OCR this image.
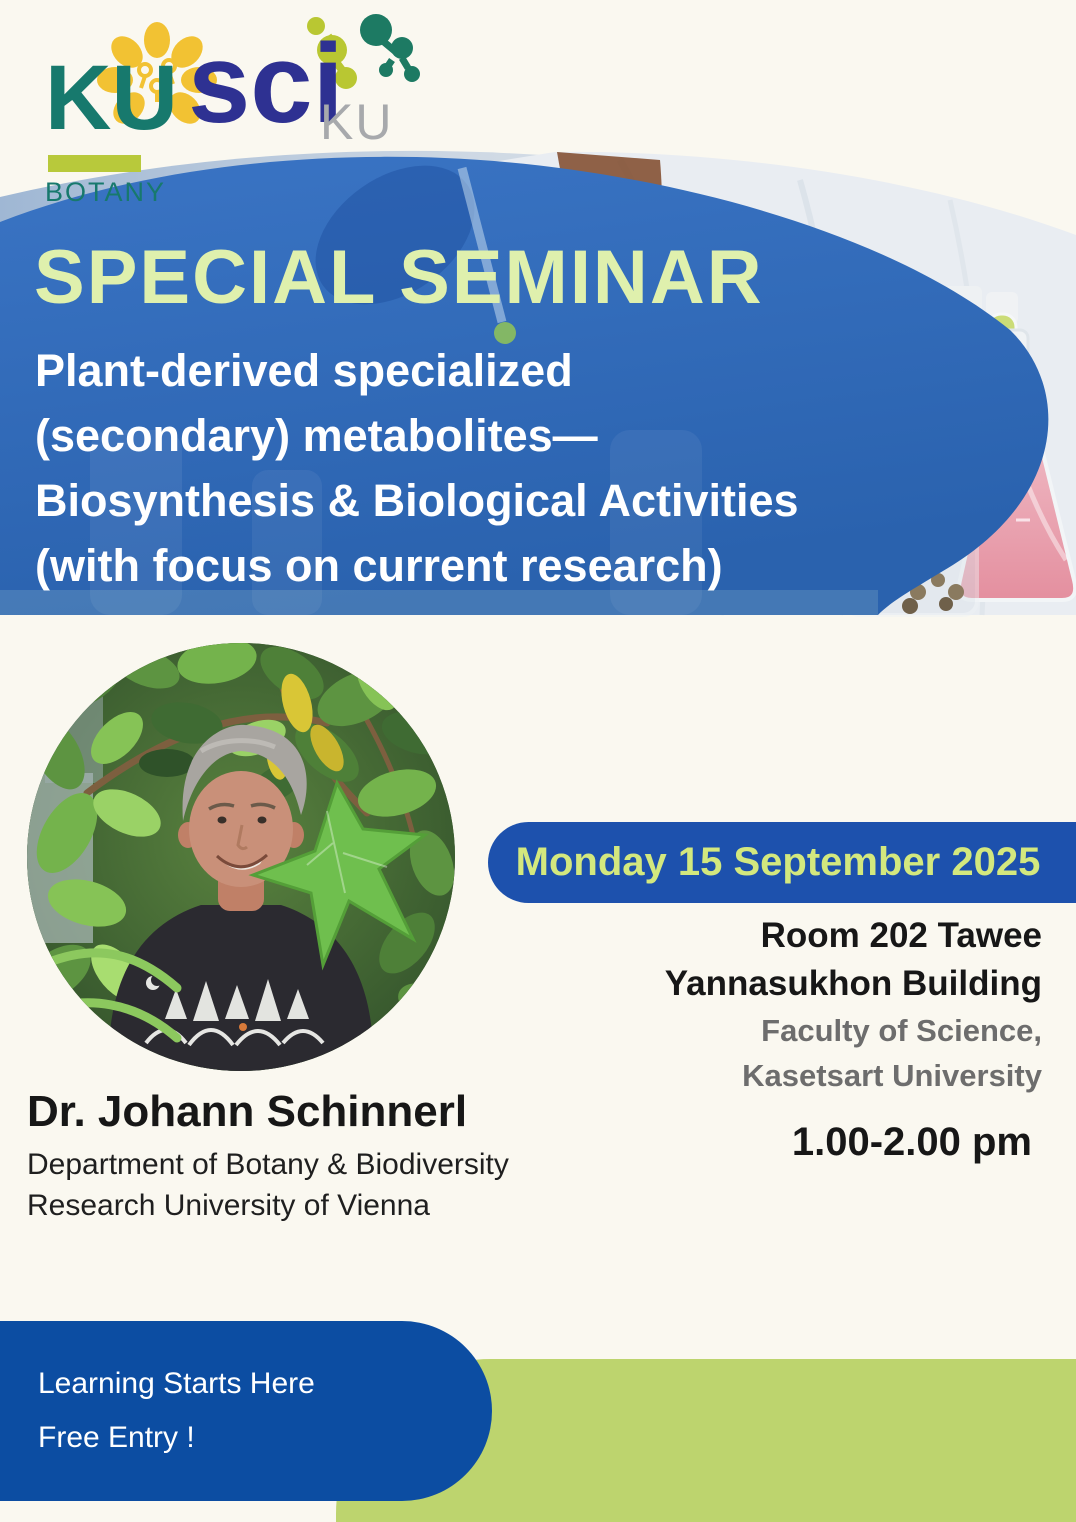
KU
BOTANY
sci
KU
SPECIAL SEMINAR
Plant-derived specialized
(secondary) metabolites—
Biosynthesis & Biological Activities
(with focus on current research)
Monday 15 September 2025
Room 202 Tawee
Yannasukhon Building
Faculty of Science,
Kasetsart University
1.00-2.00 pm
Dr. Johann Schinnerl
Department of Botany & Biodiversity
Research University of Vienna
Learning Starts Here
Free Entry !
